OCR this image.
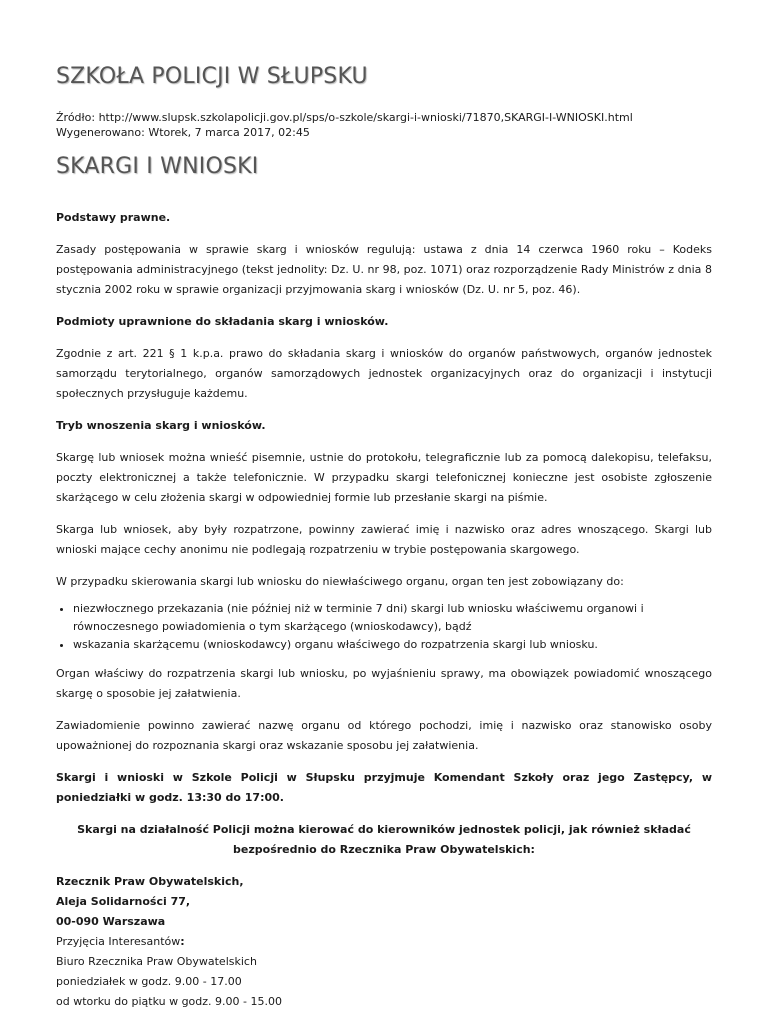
SZKOŁA POLICJI W SŁUPSKU
Źródło: http://www.slupsk.szkolapolicji.gov.pl/sps/o-szkole/skargi-i-wnioski/71870,SKARGI-I-WNIOSKI.html
Wygenerowano: Wtorek, 7 marca 2017, 02:45
SKARGI I WNIOSKI
Podstawy prawne.

Zasady postępowania w sprawie skarg i wniosków regulują: ustawa z dnia 14 czerwca 1960 roku – Kodeks postępowania administracyjnego (tekst jednolity: Dz. U. nr 98, poz. 1071) oraz rozporządzenie Rady Ministrów z dnia 8 stycznia 2002 roku w sprawie organizacji przyjmowania skarg i wniosków (Dz. U. nr 5, poz. 46).

Podmioty uprawnione do składania skarg i wniosków.

Zgodnie z art. 221 § 1 k.p.a. prawo do składania skarg i wniosków do organów państwowych, organów jednostek samorządu terytorialnego, organów samorządowych jednostek organizacyjnych oraz do organizacji i instytucji społecznych przysługuje każdemu.

Tryb wnoszenia skarg i wniosków.

Skargę lub wniosek można wnieść pisemnie, ustnie do protokołu, telegraficznie lub za pomocą dalekopisu, telefaksu, poczty elektronicznej a także telefonicznie. W przypadku skargi telefonicznej konieczne jest osobiste zgłoszenie skarżącego w celu złożenia skargi w odpowiedniej formie lub przesłanie skargi na piśmie.

Skarga lub wniosek, aby były rozpatrzone, powinny zawierać imię i nazwisko oraz adres wnoszącego. Skargi lub wnioski mające cechy anonimu nie podlegają rozpatrzeniu w trybie postępowania skargowego.

W przypadku skierowania skargi lub wniosku do niewłaściwego organu, organ ten jest zobowiązany do:

• niezwłocznego przekazania (nie później niż w terminie 7 dni) skargi lub wniosku właściwemu organowi i równoczesnego powiadomienia o tym skarżącego (wnioskodawcy), bądź
• wskazania skarżącemu (wnioskodawcy) organu właściwego do rozpatrzenia skargi lub wniosku.

Organ właściwy do rozpatrzenia skargi lub wniosku, po wyjaśnieniu sprawy, ma obowiązek powiadomić wnoszącego skargę o sposobie jej załatwienia.

Zawiadomienie powinno zawierać nazwę organu od którego pochodzi, imię i nazwisko oraz stanowisko osoby upoważnionej do rozpoznania skargi oraz wskazanie sposobu jej załatwienia.

Skargi i wnioski w Szkole Policji w Słupsku przyjmuje Komendant Szkoły oraz jego Zastępcy, w poniedziałki w godz. 13:30 do 17:00.

Skargi na działalność Policji można kierować do kierowników jednostek policji, jak również składać bezpośrednio do Rzecznika Praw Obywatelskich:

Rzecznik Praw Obywatelskich,
Aleja Solidarności 77,
00-090 Warszawa
Przyjęcia Interesantów:
Biuro Rzecznika Praw Obywatelskich
poniedziałek w godz. 9.00 - 17.00
od wtorku do piątku w godz. 9.00 - 15.00
